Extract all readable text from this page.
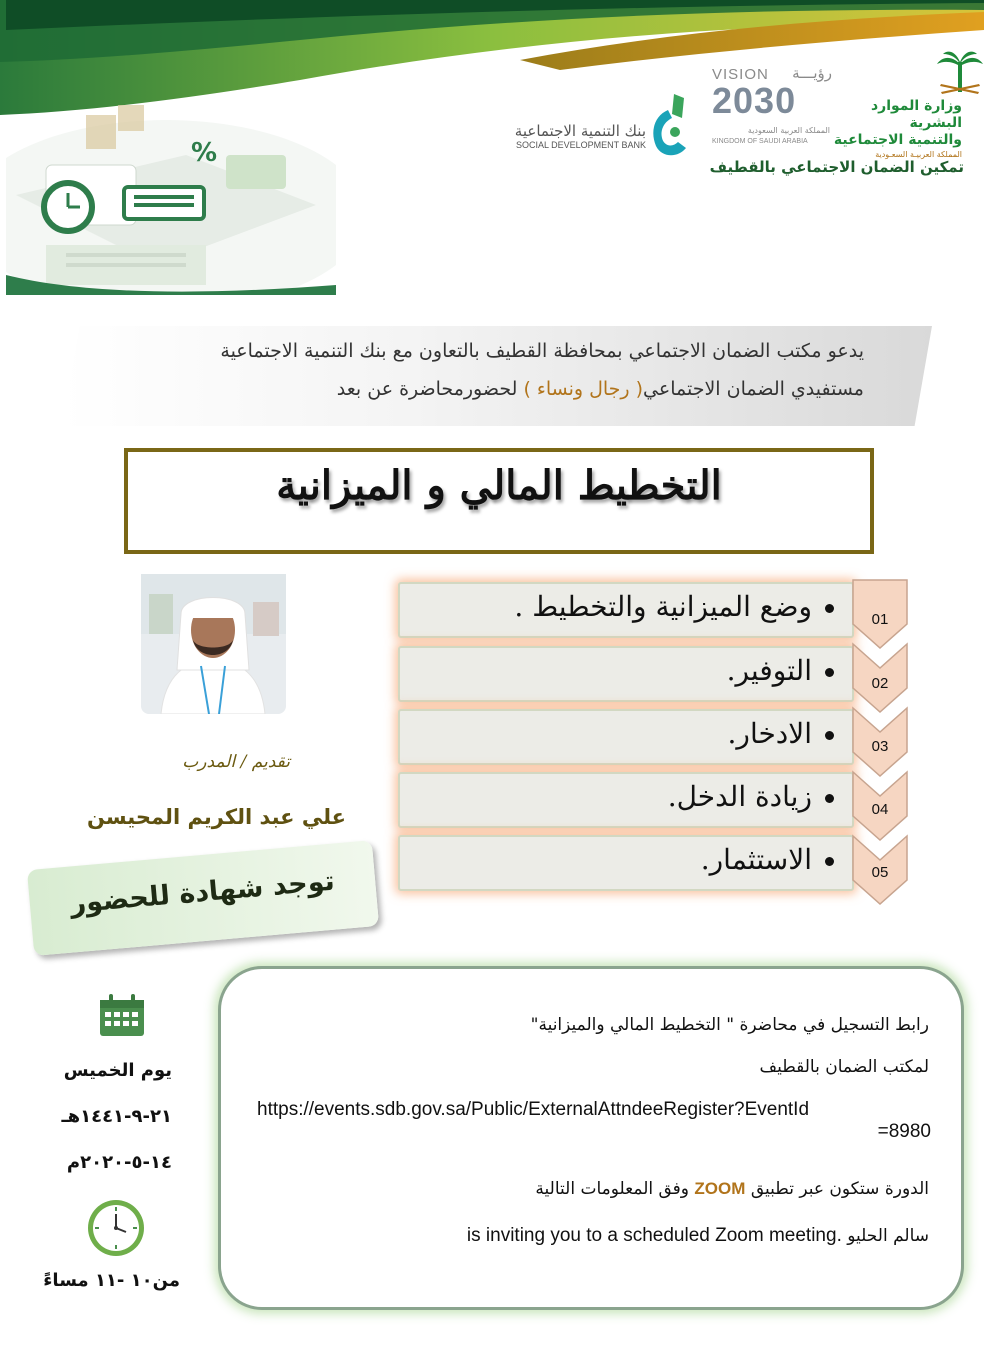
%
وزارة الموارد البشرية
والتنمية الاجتماعية
المملكة العربيـة السعـودية
VISION رؤيـــة
2030
المملكة العربية السعودية
KINGDOM OF SAUDI ARABIA
بنك التنمية الاجتماعية
SOCIAL DEVELOPMENT BANK
تمكين الضمان الاجتماعي بالقطيف
يدعو مكتب الضمان الاجتماعي بمحافظة القطيف بالتعاون مع بنك التنمية الاجتماعية
مستفيدي الضمان الاجتماعي( رجال ونساء ) لحضورمحاضرة عن بعد
التخطيط المالي و الميزانية
وضع الميزانية والتخطيط .
التوفير.
الادخار.
زيادة الدخل.
الاستثمار.
01
02
03
04
05
تقديم / المدرب
علي عبد الكريم المحيسن
توجد شهادة للحضور
يوم الخميس
٢١-٩-١٤٤١هـ
١٤-٥-٢٠٢٠م
من١٠ -١١ مساءً
رابط التسجيل في محاضرة " التخطيط المالي والميزانية"
لمكتب الضمان بالقطيف
https://events.sdb.gov.sa/Public/ExternalAttndeeRegister?EventId
=8980
الدورة ستكون عبر تطبيق ZOOM وفق المعلومات التالية
سالم الحليو .is inviting you to a scheduled Zoom meeting
